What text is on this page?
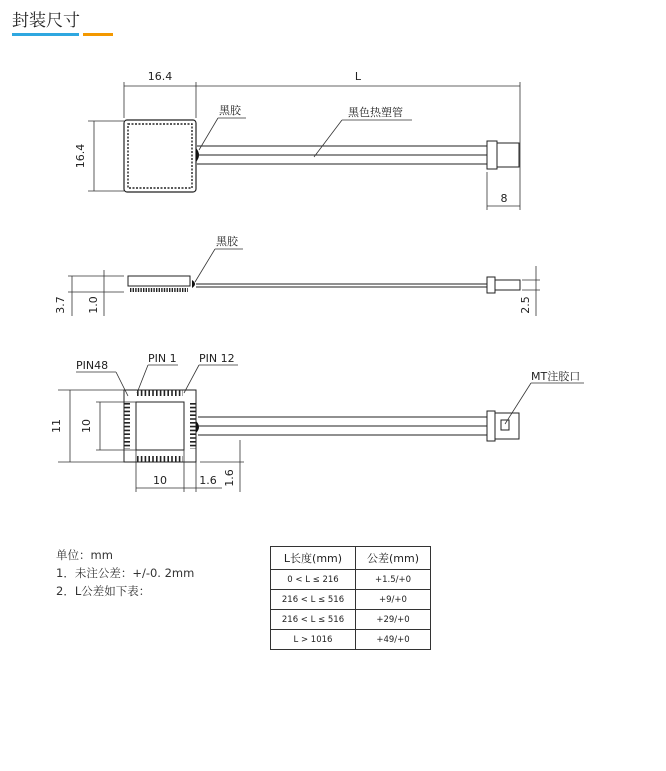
封装尺寸
16.4	L
16.4
8
黑胶	黑色热塑管
黑胶
3.7 1.0	2.5
PIN48
PIN 1 PIN 12
MT注胶口
11 10
10	1.6 1.6
单位：mm
1．未注公差：+/-0. 2mm
2．L公差如下表：
L长度(mm)	公差(mm)
0 < L ≤ 216	+1.5/+0
216 < L ≤ 516	+9/+0
216 < L ≤ 516	+29/+0
L > 1016	+49/+0
